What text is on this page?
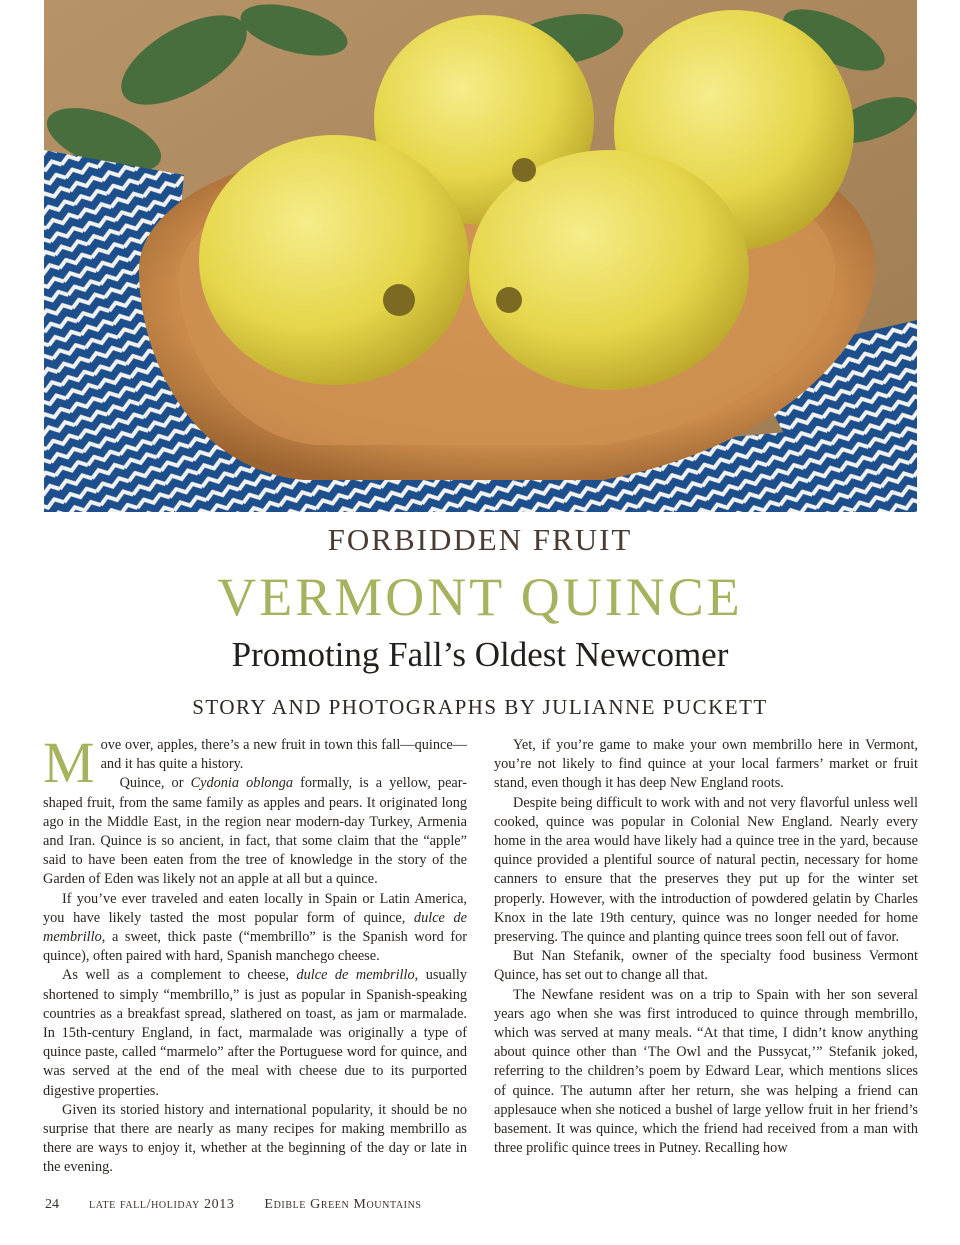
FORBIDDEN FRUIT
VERMONT QUINCE
Promoting Fall’s Oldest Newcomer
STORY AND PHOTOGRAPHS BY JULIANNE PUCKETT

Move over, apples, there’s a new fruit in town this fall—quince—and it has quite a history.

Quince, or Cydonia oblonga formally, is a yellow, pear-shaped fruit, from the same family as apples and pears. It originated long ago in the Middle East, in the region near modern-day Turkey, Armenia and Iran. Quince is so ancient, in fact, that some claim that the “apple” said to have been eaten from the tree of knowledge in the story of the Garden of Eden was likely not an apple at all but a quince.

If you’ve ever traveled and eaten locally in Spain or Latin America, you have likely tasted the most popular form of quince, dulce de membrillo, a sweet, thick paste (“membrillo” is the Spanish word for quince), often paired with hard, Spanish manchego cheese.

As well as a complement to cheese, dulce de membrillo, usually shortened to simply “membrillo,” is just as popular in Spanish-speaking countries as a breakfast spread, slathered on toast, as jam or marmalade. In 15th-century England, in fact, marmalade was originally a type of quince paste, called “marmelo” after the Portuguese word for quince, and was served at the end of the meal with cheese due to its purported digestive properties.

Given its storied history and international popularity, it should be no surprise that there are nearly as many recipes for making membrillo as there are ways to enjoy it, whether at the beginning of the day or late in the evening.

Yet, if you’re game to make your own membrillo here in Vermont, you’re not likely to find quince at your local farmers’ market or fruit stand, even though it has deep New England roots.

Despite being difficult to work with and not very flavorful unless well cooked, quince was popular in Colonial New England. Nearly every home in the area would have likely had a quince tree in the yard, because quince provided a plentiful source of natural pectin, necessary for home canners to ensure that the preserves they put up for the winter set properly. However, with the introduction of powdered gelatin by Charles Knox in the late 19th century, quince was no longer needed for home preserving. The quince and planting quince trees soon fell out of favor.

But Nan Stefanik, owner of the specialty food business Vermont Quince, has set out to change all that.

The Newfane resident was on a trip to Spain with her son several years ago when she was first introduced to quince through membrillo, which was served at many meals. “At that time, I didn’t know anything about quince other than ‘The Owl and the Pussycat,’” Stefanik joked, referring to the children’s poem by Edward Lear, which mentions slices of quince. The autumn after her return, she was helping a friend can applesauce when she noticed a bushel of large yellow fruit in her friend’s basement. It was quince, which the friend had received from a man with three prolific quince trees in Putney. Recalling how

24 late fall/holiday 2013 Edible Green Mountains
